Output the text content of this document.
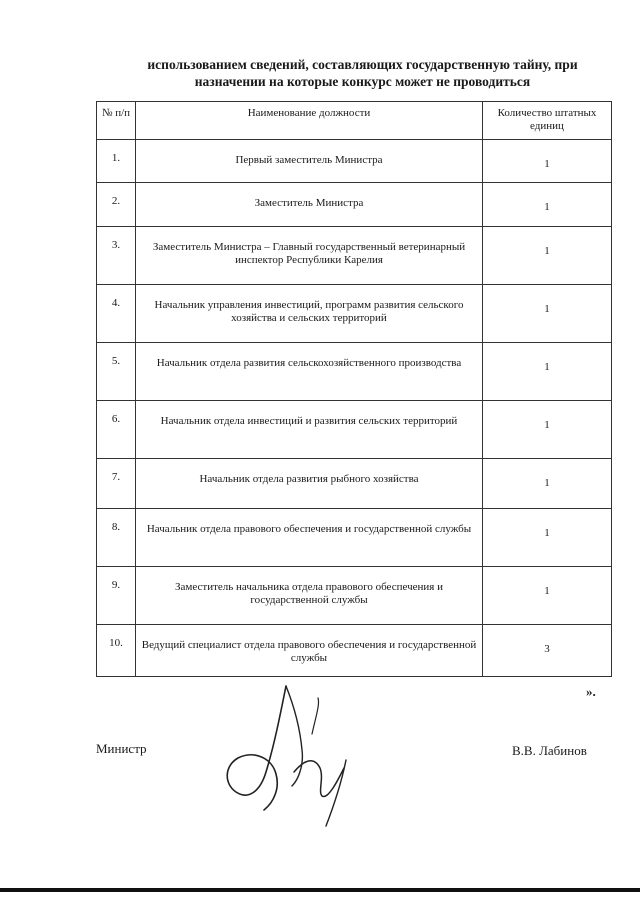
использованием сведений, составляющих государственную тайну, при
назначении на которые конкурс может не проводиться
№ п/п	Наименование должности	Количество штатных единиц
1.	Первый заместитель Министра	1
2.	Заместитель Министра	1
3.	Заместитель Министра – Главный государственный ветеринарный инспектор Республики Карелия	1
4.	Начальник управления инвестиций, программ развития сельского хозяйства и сельских территорий	1
5.	Начальник отдела развития сельскохозяйственного производства	1
6.	Начальник отдела инвестиций и развития сельских территорий	1
7.	Начальник отдела развития рыбного хозяйства	1
8.	Начальник отдела правового обеспечения и государственной службы	1
9.	Заместитель начальника отдела правового обеспечения и государственной службы	1
10.	Ведущий специалист отдела правового обеспечения и государственной службы	3
».
Министр	В.В. Лабинов
